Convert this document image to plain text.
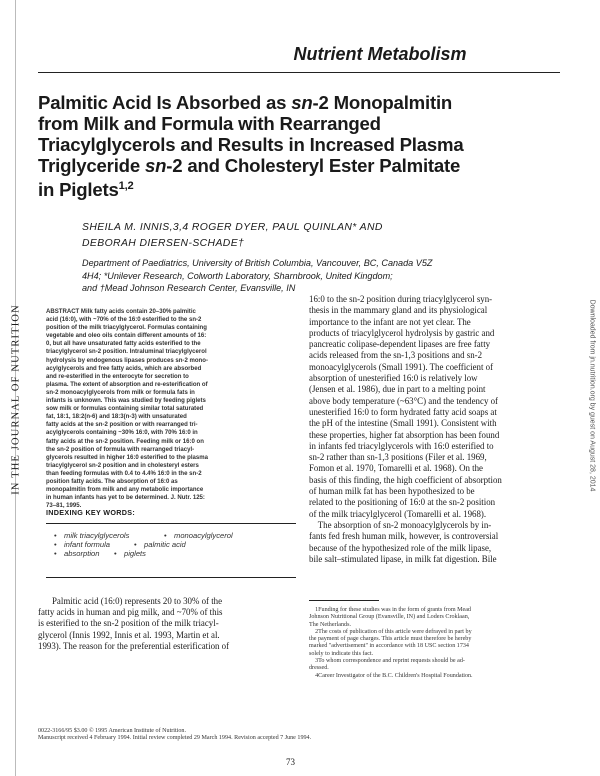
IN THE JOURNAL OF NUTRITION	Downloaded from jn.nutrition.org by guest on August 28, 2014
Nutrient Metabolism
Palmitic Acid Is Absorbed as sn-2 Monopalmitin
from Milk and Formula with Rearranged
Triacylglycerols and Results in Increased Plasma
Triglyceride sn-2 and Cholesteryl Ester Palmitate
in Piglets$^{1,2}$
SHEILA M. INNIS,3,4 ROGER DYER, PAUL QUINLAN* AND
DEBORAH DIERSEN-SCHADE†
Department of Paediatrics, University of British Columbia, Vancouver, BC, Canada V5Z
4H4; *Unilever Research, Colworth Laboratory, Sharnbrook, United Kingdom;
and †Mead Johnson Research Center, Evansville, IN
ABSTRACT Milk fatty acids contain 20–30% palmitic
acid (16:0), with ~70% of the 16:0 esterified to the sn-2
position of the milk triacylglycerol. Formulas containing
vegetable and oleo oils contain different amounts of 16:
0, but all have unsaturated fatty acids esterified to the
triacylglycerol sn-2 position. Intraluminal triacylglycerol
hydrolysis by endogenous lipases produces sn-2 mono-
acylglycerols and free fatty acids, which are absorbed
and re-esterified in the enterocyte for secretion to
plasma. The extent of absorption and re-esterification of
sn-2 monoacylglycerols from milk or formula fats in
infants is unknown. This was studied by feeding piglets
sow milk or formulas containing similar total saturated
fat, 18:1, 18:2(n-6) and 18:3(n-3) with unsaturated
fatty acids at the sn-2 position or with rearranged tri-
acylglycerols containing ~30% 16:0, with 70% 16:0 in
fatty acids at the sn-2 position. Feeding milk or 16:0 on
the sn-2 position of formula with rearranged triacyl-
glycerols resulted in higher 16:0 esterified to the plasma
triacylglycerol sn-2 position and in cholesteryl esters
than feeding formulas with 0.4 to 4.4% 16:0 in the sn-2
position fatty acids. The absorption of 16:0 as
monopalmitin from milk and any metabolic importance
in human infants has yet to be determined. J. Nutr. 125:
73–81, 1995.
INDEXING KEY WORDS:
• milk triacylglycerols	• monoacylglycerol
• infant formula	• palmitic acid
• absorption • piglets
Palmitic acid (16:0) represents 20 to 30% of the
fatty acids in human and pig milk, and ~70% of this
is esterified to the sn-2 position of the milk triacyl-
glycerol (Innis 1992, Innis et al. 1993, Martin et al.
1993). The reason for the preferential esterification of
16:0 to the sn-2 position during triacylglycerol syn-
thesis in the mammary gland and its physiological
importance to the infant are not yet clear. The
products of triacylglycerol hydrolysis by gastric and
pancreatic colipase-dependent lipases are free fatty
acids released from the sn-1,3 positions and sn-2
monoacylglycerols (Small 1991). The coefficient of
absorption of unesterified 16:0 is relatively low
(Jensen et al. 1986), due in part to a melting point
above body temperature (~63°C) and the tendency of
unesterified 16:0 to form hydrated fatty acid soaps at
the pH of the intestine (Small 1991). Consistent with
these properties, higher fat absorption has been found
in infants fed triacylglycerols with 16:0 esterified to
sn-2 rather than sn-1,3 positions (Filer et al. 1969,
Fomon et al. 1970, Tomarelli et al. 1968). On the
basis of this finding, the high coefficient of absorption
of human milk fat has been hypothesized to be
related to the positioning of 16:0 at the sn-2 position
of the milk triacylglycerol (Tomarelli et al. 1968).
The absorption of sn-2 monoacylglycerols by in-
fants fed fresh human milk, however, is controversial
because of the hypothesized role of the milk lipase,
bile salt–stimulated lipase, in milk fat digestion. Bile
1Funding for these studies was in the form of grants from Mead
Johnson Nutritional Group (Evansville, IN) and Loders Croklaan,
The Netherlands.
2The costs of publication of this article were defrayed in part by
the payment of page charges. This article must therefore be hereby
marked "advertisement" in accordance with 18 USC section 1734
solely to indicate this fact.
3To whom correspondence and reprint requests should be ad-
dressed.
4Career Investigator of the B.C. Children's Hospital Foundation.
0022-3166/95 $3.00 © 1995 American Institute of Nutrition.
Manuscript received 4 February 1994. Initial review completed 29 March 1994. Revision accepted 7 June 1994.
73
